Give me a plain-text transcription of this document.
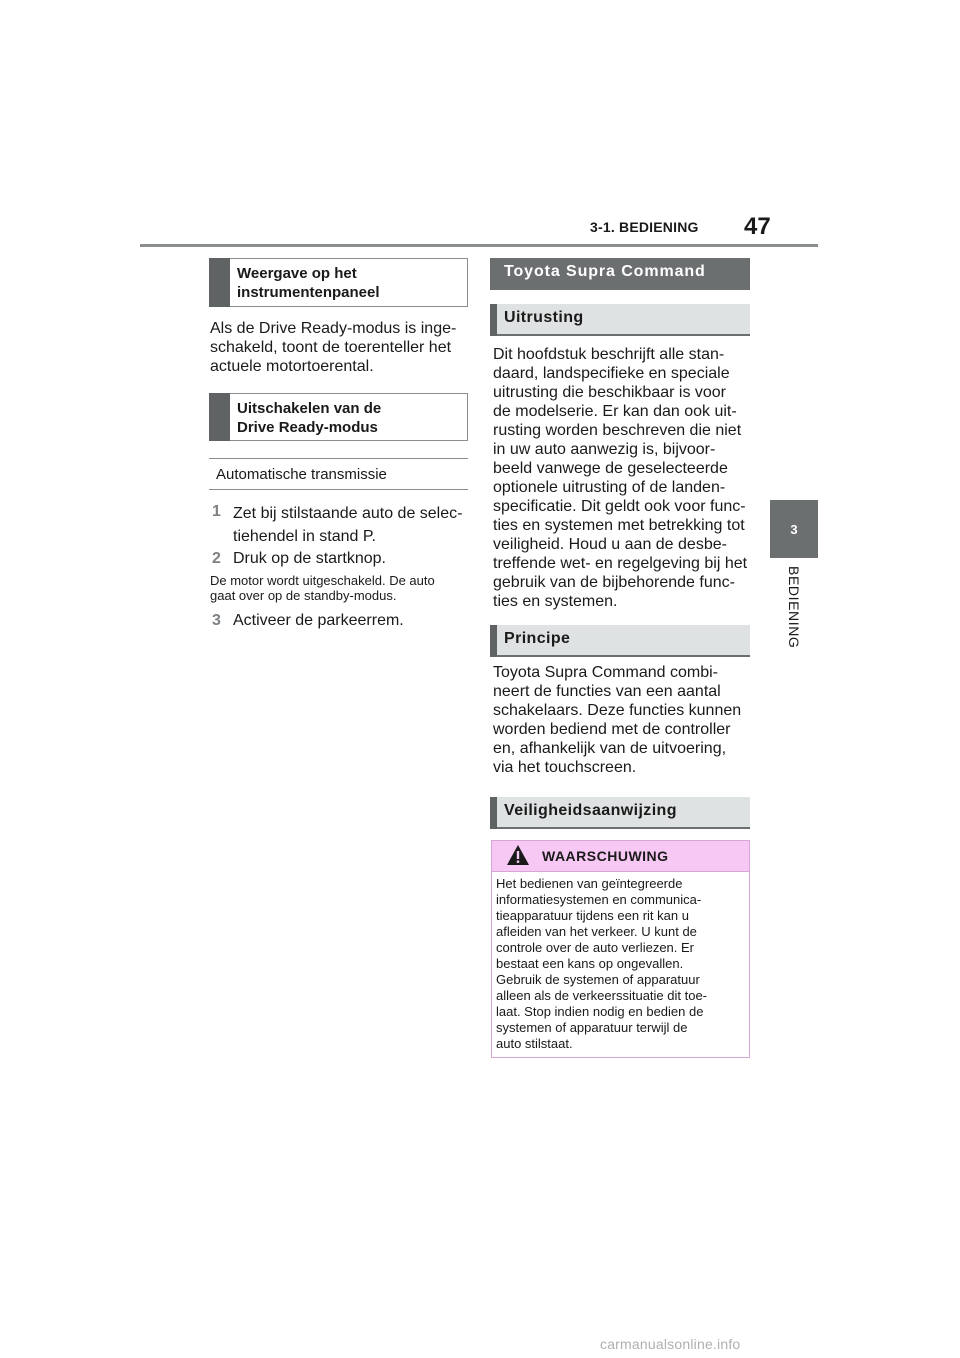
3-1. BEDIENING 47
3
BEDIENING
Weergave op het
instrumentenpaneel
Als de Drive Ready-modus is inge-
schakeld, toont de toerenteller het
actuele motortoerental.
Uitschakelen van de
Drive Ready-modus
Automatische transmissie
1 Zet bij stilstaande auto de selec-
tiehendel in stand P.
2 Druk op de startknop.
De motor wordt uitgeschakeld. De auto
gaat over op de standby-modus.
3 Activeer de parkeerrem.
Toyota Supra Command
Uitrusting
Dit hoofdstuk beschrijft alle stan-
daard, landspecifieke en speciale
uitrusting die beschikbaar is voor
de modelserie. Er kan dan ook uit-
rusting worden beschreven die niet
in uw auto aanwezig is, bijvoor-
beeld vanwege de geselecteerde
optionele uitrusting of de landen-
specificatie. Dit geldt ook voor func-
ties en systemen met betrekking tot
veiligheid. Houd u aan de desbe-
treffende wet- en regelgeving bij het
gebruik van de bijbehorende func-
ties en systemen.
Principe
Toyota Supra Command combi-
neert de functies van een aantal
schakelaars. Deze functies kunnen
worden bediend met de controller
en, afhankelijk van de uitvoering,
via het touchscreen.
Veiligheidsaanwijzing
WAARSCHUWING
Het bedienen van geïntegreerde
informatiesystemen en communica-
tieapparatuur tijdens een rit kan u
afleiden van het verkeer. U kunt de
controle over de auto verliezen. Er
bestaat een kans op ongevallen.
Gebruik de systemen of apparatuur
alleen als de verkeerssituatie dit toe-
laat. Stop indien nodig en bedien de
systemen of apparatuur terwijl de
auto stilstaat.
carmanualsonline.info
